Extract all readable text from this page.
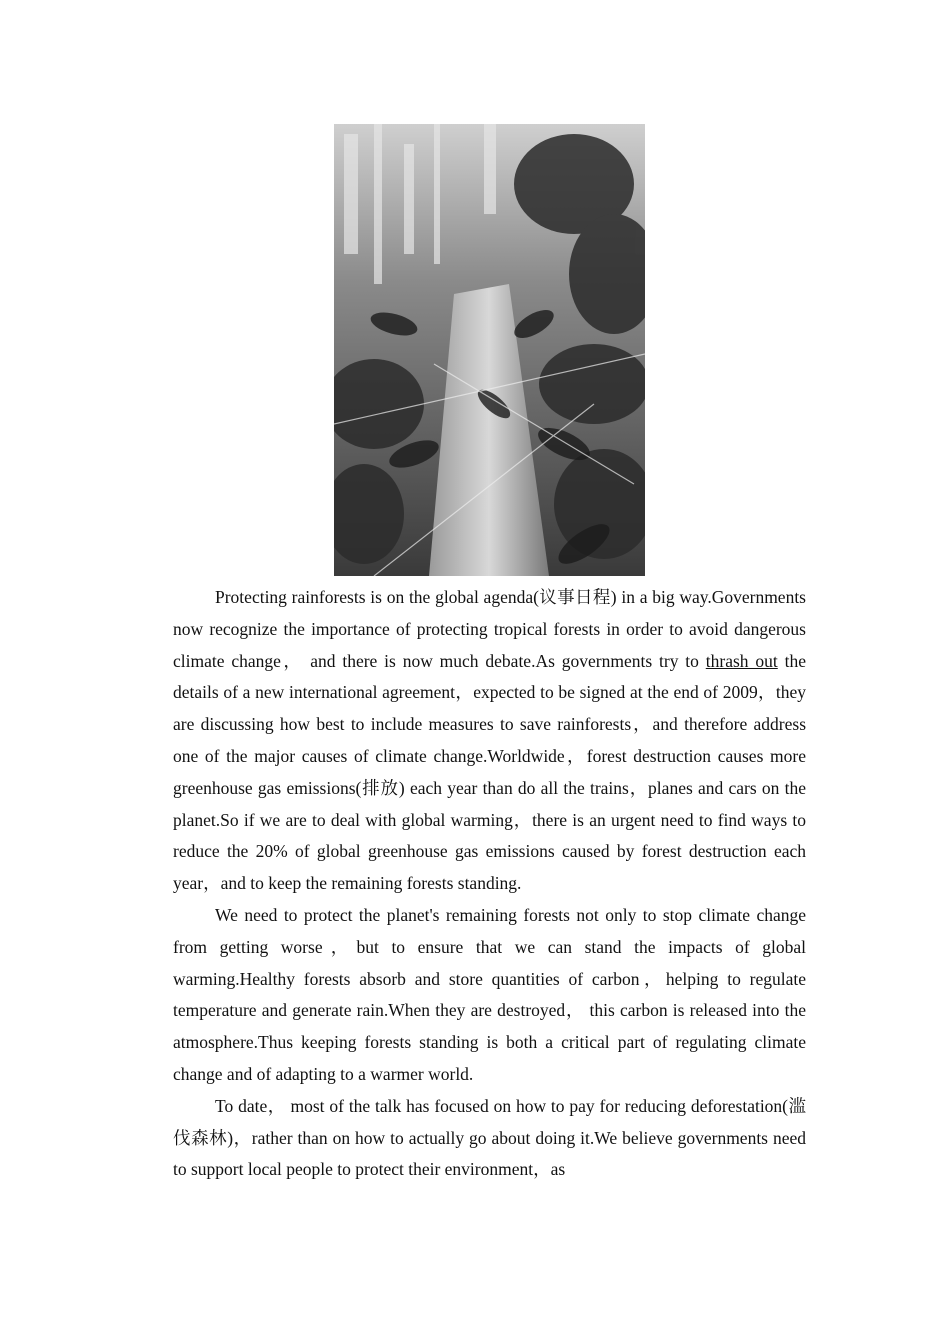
Protecting rainforests is on the global agenda(议事日程) in a big way.Governments now recognize the importance of protecting tropical forests in order to avoid dangerous climate change， and there is now much debate.As governments try to thrash out the details of a new international agreement，expected to be signed at the end of 2009，they are discussing how best to include measures to save rainforests，and therefore address one of the major causes of climate change.Worldwide，forest destruction causes more greenhouse gas emissions(排放) each year than do all the trains，planes and cars on the planet.So if we are to deal with global warming，there is an urgent need to find ways to reduce the 20% of global greenhouse gas emissions caused by forest destruction each year，and to keep the remaining forests standing.

We need to protect the planet's remaining forests not only to stop climate change from getting worse，but to ensure that we can stand the impacts of global warming.Healthy forests absorb and store quantities of carbon，helping to regulate temperature and generate rain.When they are destroyed， this carbon is released into the atmosphere.Thus keeping forests standing is both a critical part of regulating climate change and of adapting to a warmer world.

To date， most of the talk has focused on how to pay for reducing deforestation(滥伐森林)，rather than on how to actually go about doing it.We believe governments need to support local people to protect their environment，as
